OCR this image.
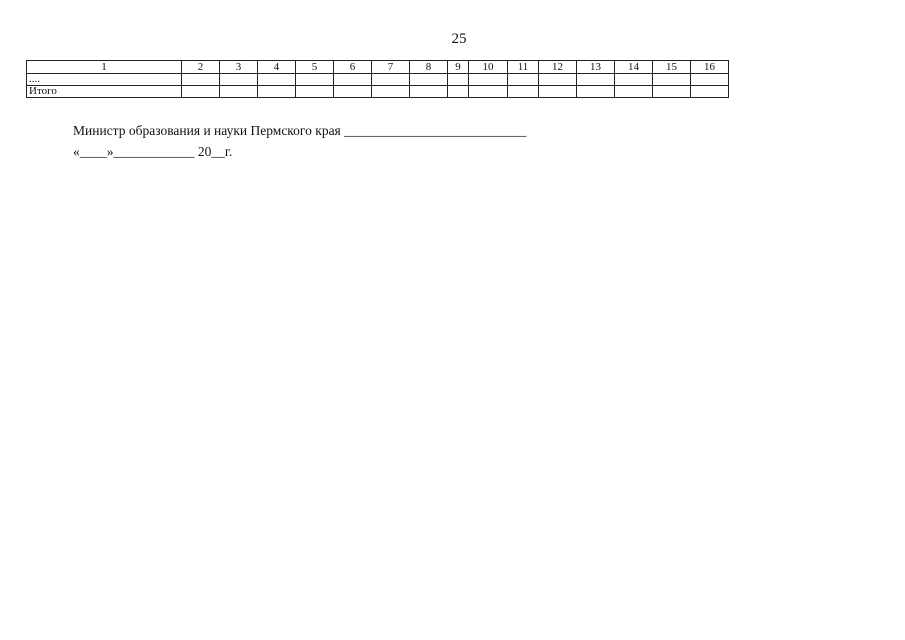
25
1	2	3	4	5	6	7	8	9	10	11	12	13	14	15	16
....															
Итого															
Министр образования и науки Пермского края ___________________________
«____»____________ 20__г.
